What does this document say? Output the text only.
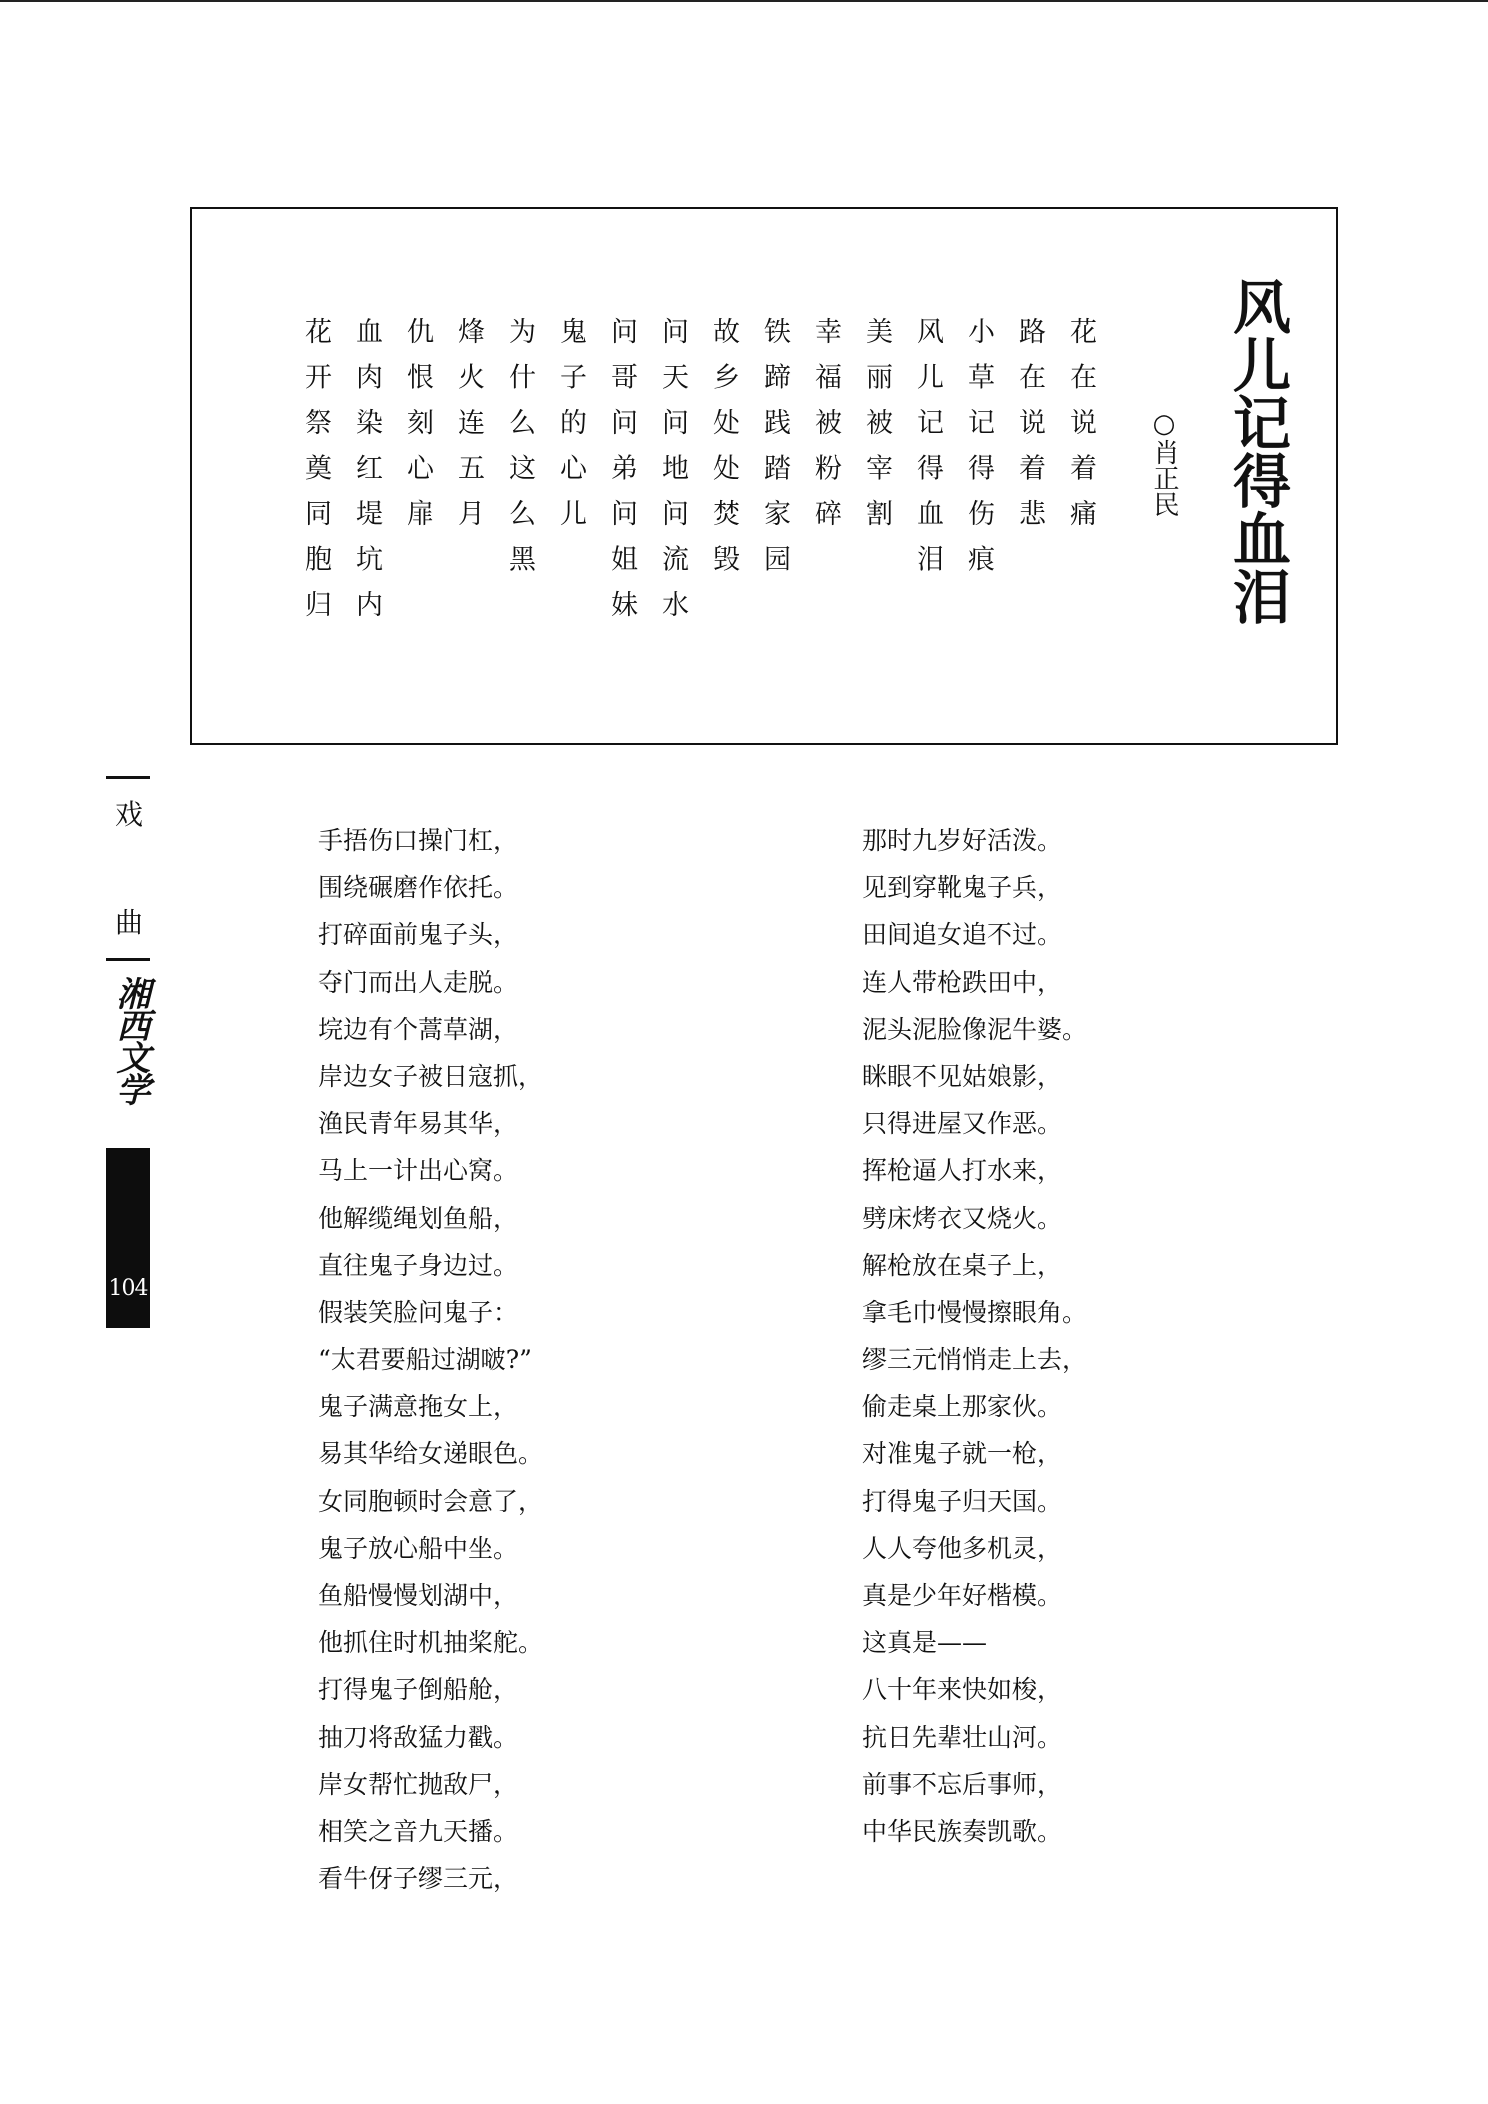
风儿记得血泪
○肖正民
花在说着痛
路在说着悲
小草记得伤痕
风儿记得血泪
美丽被宰割
幸福被粉碎
铁蹄践踏家园
故乡处处焚毁
问天问地问流水
问哥问弟问姐妹
鬼子的心儿
为什么这么黑
烽火连五月
仇恨刻心扉
血肉染红堤坑内
花开祭奠同胞归
戏
曲
湘西文学
104
手捂伤口操门杠，
围绕碾磨作依托。
打碎面前鬼子头，
夺门而出人走脱。
垸边有个蒿草湖，
岸边女子被日寇抓，
渔民青年易其华，
马上一计出心窝。
他解缆绳划鱼船，
直往鬼子身边过。
假装笑脸问鬼子：
“太君要船过湖啵?”
鬼子满意拖女上，
易其华给女递眼色。
女同胞顿时会意了，
鬼子放心船中坐。
鱼船慢慢划湖中，
他抓住时机抽桨舵。
打得鬼子倒船舱，
抽刀将敌猛力戳。
岸女帮忙抛敌尸，
相笑之音九天播。
看牛伢子缪三元，
那时九岁好活泼。
见到穿靴鬼子兵，
田间追女追不过。
连人带枪跌田中，
泥头泥脸像泥牛婆。
眯眼不见姑娘影，
只得进屋又作恶。
挥枪逼人打水来，
劈床烤衣又烧火。
解枪放在桌子上，
拿毛巾慢慢擦眼角。
缪三元悄悄走上去，
偷走桌上那家伙。
对准鬼子就一枪，
打得鬼子归天国。
人人夸他多机灵，
真是少年好楷模。
这真是——
八十年来快如梭，
抗日先辈壮山河。
前事不忘后事师，
中华民族奏凯歌。
